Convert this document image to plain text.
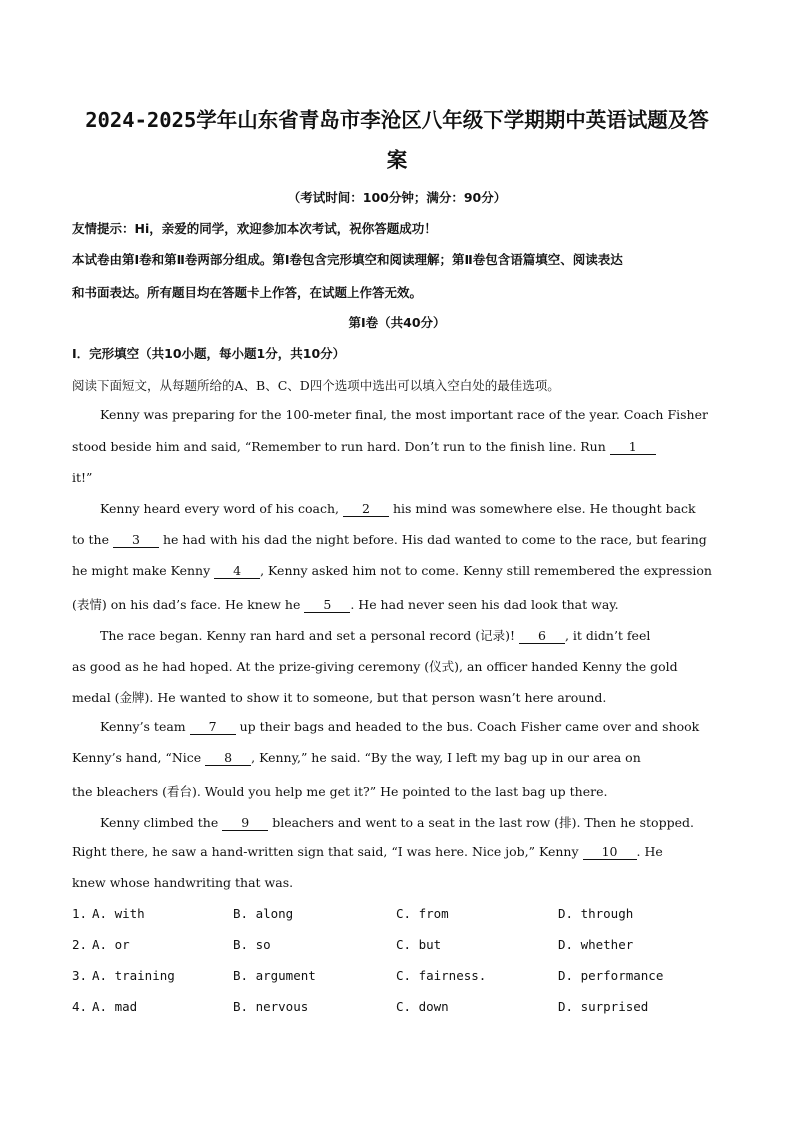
2024-2025学年山东省青岛市李沧区八年级下学期期中英语试题及答
案
（考试时间：100分钟；满分：90分）
友情提示：Hi，亲爱的同学，欢迎参加本次考试，祝你答题成功！
本试卷由第Ⅰ卷和第Ⅱ卷两部分组成。第Ⅰ卷包含完形填空和阅读理解；第Ⅱ卷包含语篇填空、阅读表达
和书面表达。所有题目均在答题卡上作答，在试题上作答无效。
第Ⅰ卷（共40分）
Ⅰ．完形填空（共10小题，每小题1分，共10分）
阅读下面短文，从每题所给的A、B、C、D四个选项中选出可以填入空白处的最佳选项。
Kenny was preparing for the 100-meter final, the most important race of the year. Coach Fisher
stood beside him and said, “Remember to run hard. Don’t run to the finish line. Run 1
it!”
Kenny heard every word of his coach, 2 his mind was somewhere else. He thought back
to the 3 he had with his dad the night before. His dad wanted to come to the race, but fearing
he might make Kenny 4 , Kenny asked him not to come. Kenny still remembered the expression
(表情) on his dad’s face. He knew he 5 . He had never seen his dad look that way.
The race began. Kenny ran hard and set a personal record (记录)! 6 , it didn’t feel
as good as he had hoped. At the prize-giving ceremony (仪式), an officer handed Kenny the gold
medal (金牌). He wanted to show it to someone, but that person wasn’t here around.
Kenny’s team 7 up their bags and headed to the bus. Coach Fisher came over and shook
Kenny’s hand, “Nice 8 , Kenny,” he said. “By the way, I left my bag up in our area on
the bleachers (看台). Would you help me get it?” He pointed to the last bag up there.
Kenny climbed the 9 bleachers and went to a seat in the last row (排). Then he stopped.
Right there, he saw a hand-written sign that said, “I was here. Nice job,” Kenny 10 . He
knew whose handwriting that was.
1. A. with	B. along	C. from	D. through
2. A. or	B. so	C. but	D. whether
3. A. training	B. argument	C. fairness.	D. performance
4. A. mad	B. nervous	C. down	D. surprised
